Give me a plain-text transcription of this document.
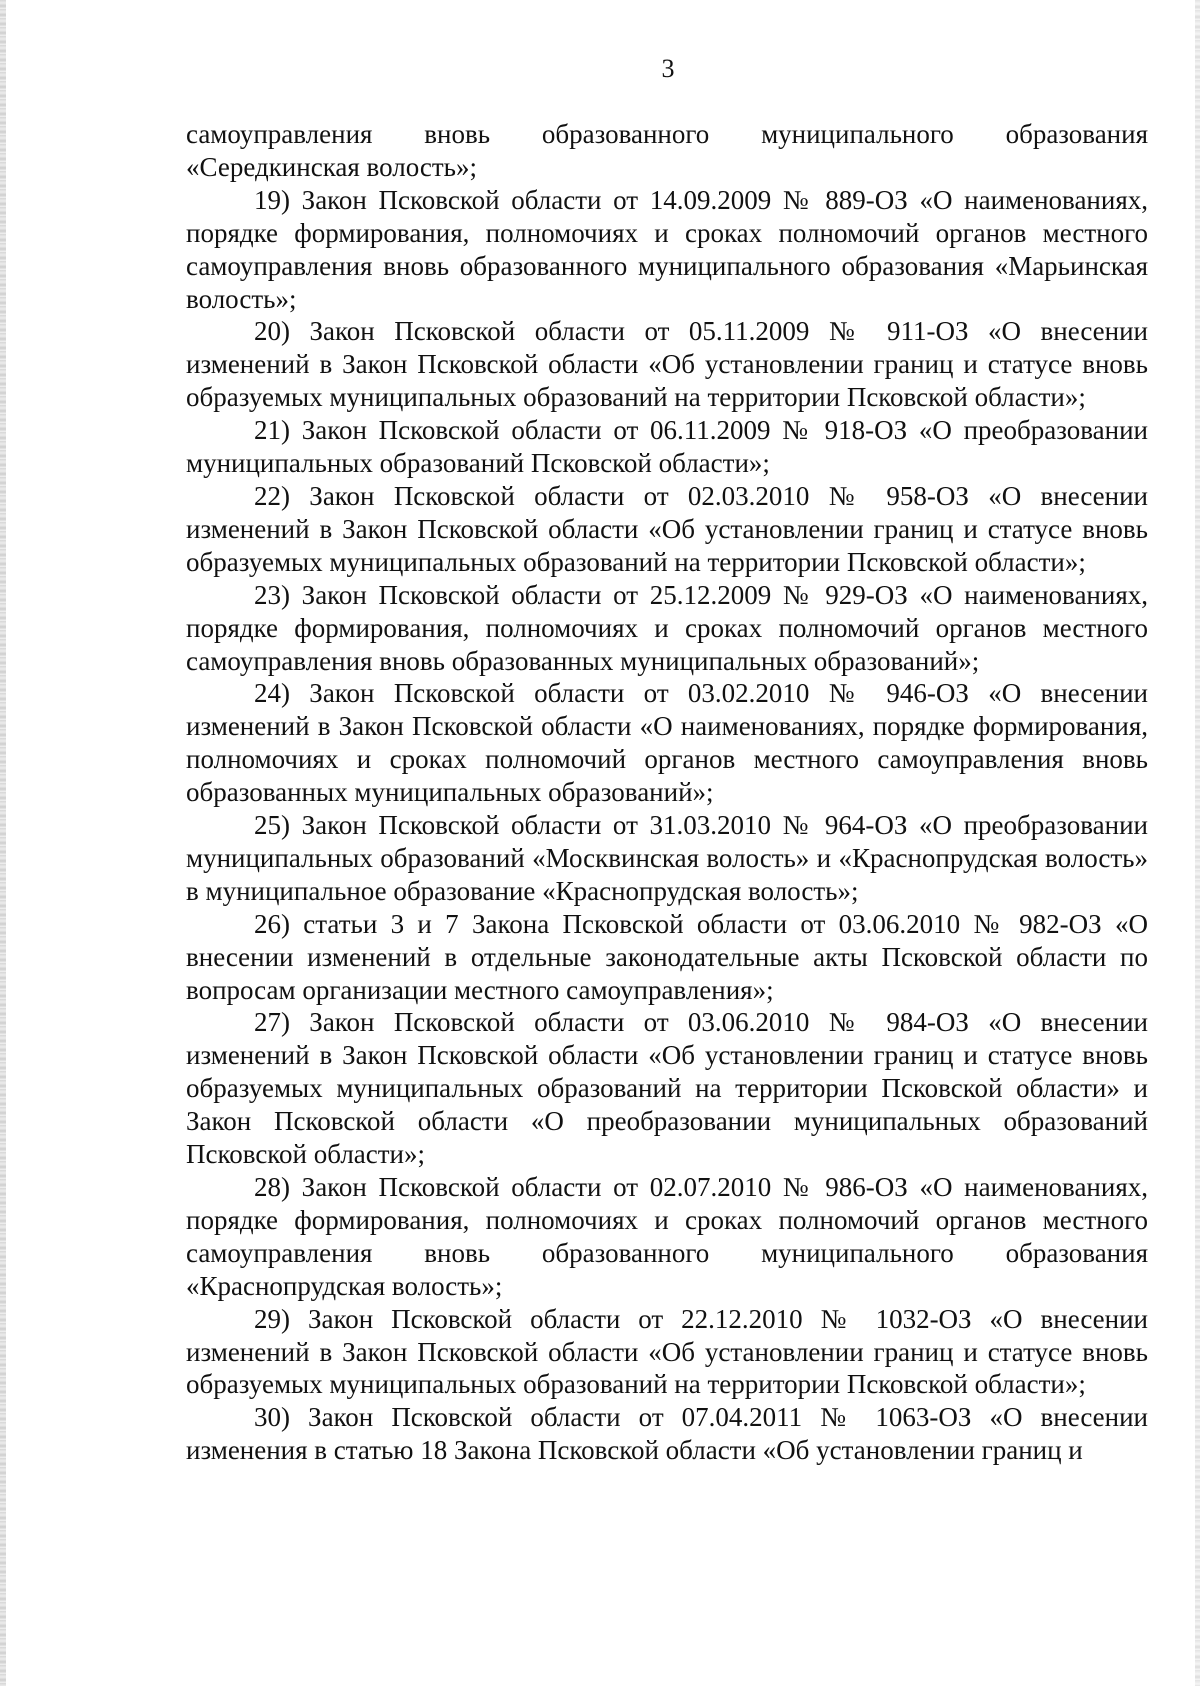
3

самоуправления вновь образованного муниципального образования «Середкинская волость»;

19) Закон Псковской области от 14.09.2009 № 889-ОЗ «О наименованиях, порядке формирования, полномочиях и сроках полномочий органов местного самоуправления вновь образованного муниципального образования «Марьинская волость»;

20) Закон Псковской области от 05.11.2009 № 911-ОЗ «О внесении изменений в Закон Псковской области «Об установлении границ и статусе вновь образуемых муниципальных образований на территории Псковской области»;

21) Закон Псковской области от 06.11.2009 № 918-ОЗ «О преобразовании муниципальных образований Псковской области»;

22) Закон Псковской области от 02.03.2010 № 958-ОЗ «О внесении изменений в Закон Псковской области «Об установлении границ и статусе вновь образуемых муниципальных образований на территории Псковской области»;

23) Закон Псковской области от 25.12.2009 № 929-ОЗ «О наименованиях, порядке формирования, полномочиях и сроках полномочий органов местного самоуправления вновь образованных муниципальных образований»;

24) Закон Псковской области от 03.02.2010 № 946-ОЗ «О внесении изменений в Закон Псковской области «О наименованиях, порядке формирования, полномочиях и сроках полномочий органов местного самоуправления вновь образованных муниципальных образований»;

25) Закон Псковской области от 31.03.2010 № 964-ОЗ «О преобразовании муниципальных образований «Москвинская волость» и «Краснопрудская волость» в муниципальное образование «Краснопрудская волость»;

26) статьи 3 и 7 Закона Псковской области от 03.06.2010 № 982-ОЗ «О внесении изменений в отдельные законодательные акты Псковской области по вопросам организации местного самоуправления»;

27) Закон Псковской области от 03.06.2010 № 984-ОЗ «О внесении изменений в Закон Псковской области «Об установлении границ и статусе вновь образуемых муниципальных образований на территории Псковской области» и Закон Псковской области «О преобразовании муниципальных образований Псковской области»;

28) Закон Псковской области от 02.07.2010 № 986-ОЗ «О наименованиях, порядке формирования, полномочиях и сроках полномочий органов местного самоуправления вновь образованного муниципального образования «Краснопрудская волость»;

29) Закон Псковской области от 22.12.2010 № 1032-ОЗ «О внесении изменений в Закон Псковской области «Об установлении границ и статусе вновь образуемых муниципальных образований на территории Псковской области»;

30) Закон Псковской области от 07.04.2011 № 1063-ОЗ «О внесении изменения в статью 18 Закона Псковской области «Об установлении границ и
